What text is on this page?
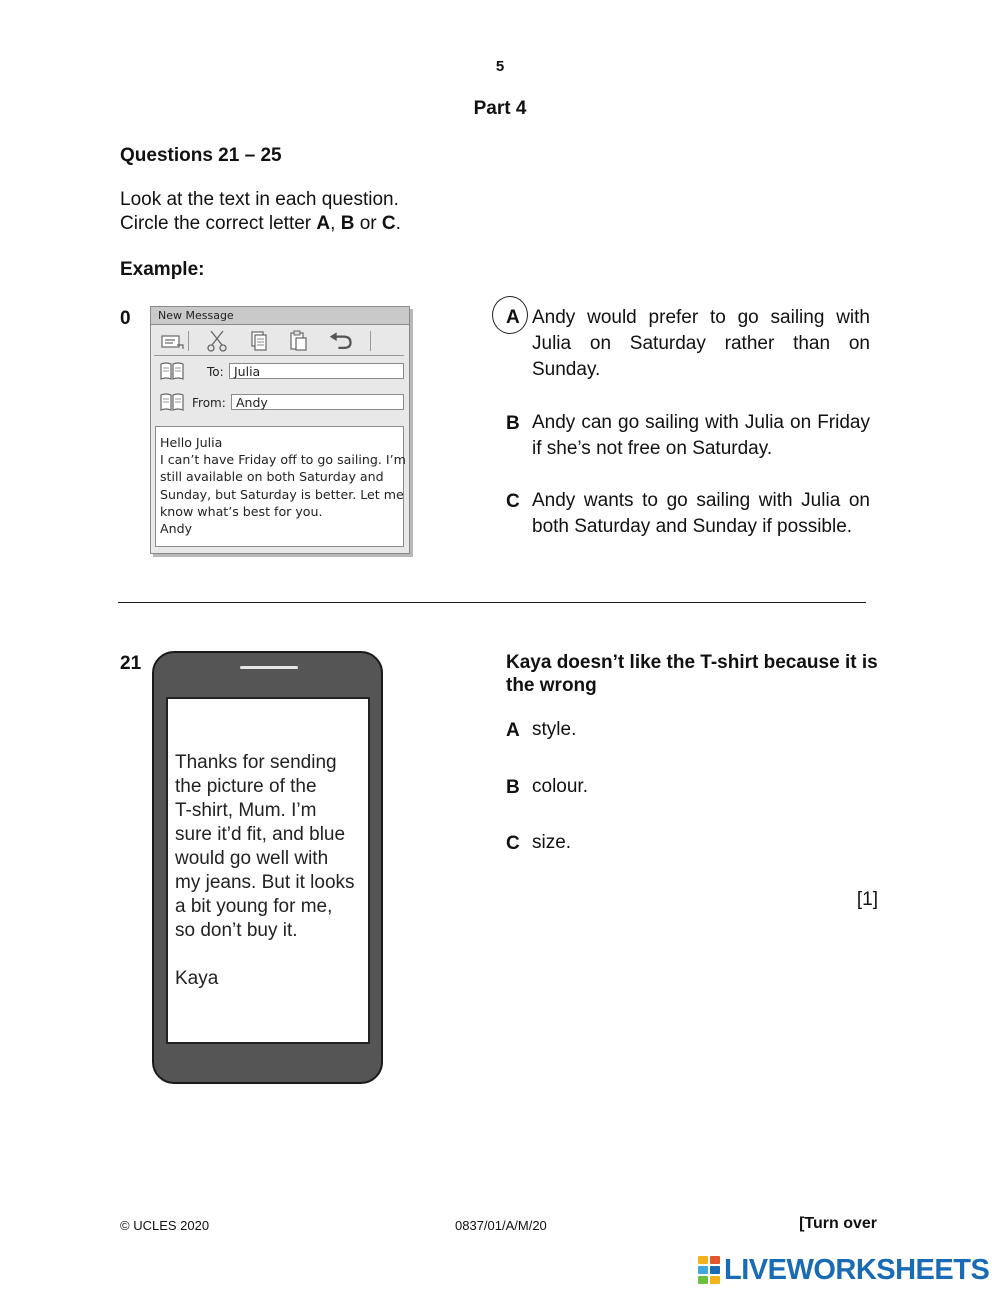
5
Part 4
Questions 21 – 25
Look at the text in each question.
Circle the correct letter A, B or C.
Example:
0	New Message
To: Julia
From: Andy
Hello Julia
I can’t have Friday off to go sailing. I’m
still available on both Saturday and
Sunday, but Saturday is better. Let me
know what’s best for you.
Andy
A Andy would prefer to go sailing with Julia on Saturday rather than on Sunday.
B Andy can go sailing with Julia on Friday if she’s not free on Saturday.
C Andy wants to go sailing with Julia on both Saturday and Sunday if possible.
21
Thanks for sending
the picture of the
T-shirt, Mum. I’m
sure it’d fit, and blue
would go well with
my jeans. But it looks
a bit young for me,
so don’t buy it.
Kaya
Kaya doesn’t like the T-shirt because it is the wrong
A style.
B colour.
C size.
[1]
© UCLES 2020	0837/01/A/M/20	[Turn over
LIVEWORKSHEETS
